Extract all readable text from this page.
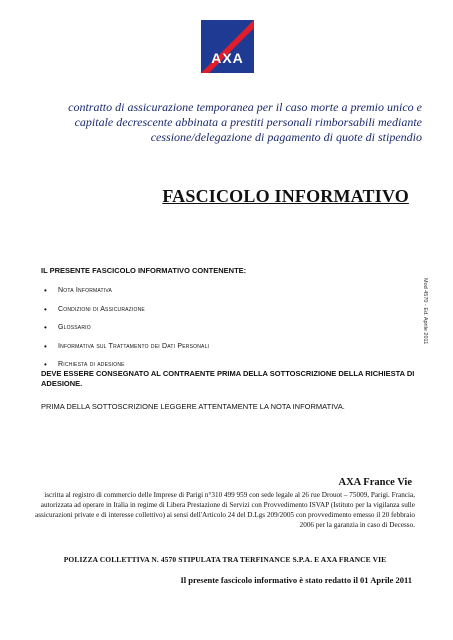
AXA
contratto di assicurazione temporanea per il caso morte a premio unico e capitale decrescente abbinata a prestiti personali rimborsabili mediante cessione/delegazione di pagamento di quote di stipendio
FASCICOLO INFORMATIVO
IL PRESENTE FASCICOLO INFORMATIVO CONTENENTE:
•	Nota Informativa
•	Condizioni di Assicurazione
•	Glossario
•	Informativa sul Trattamento dei Dati Personali
•	Richiesta di adesione
DEVE ESSERE CONSEGNATO AL CONTRAENTE PRIMA DELLA SOTTOSCRIZIONE DELLA RICHIESTA DI ADESIONE.
PRIMA DELLA SOTTOSCRIZIONE LEGGERE ATTENTAMENTE LA NOTA INFORMATIVA.
Mod 4570 - Ed. Aprile 2011
AXA France Vie
iscritta al registro di commercio delle Imprese di Parigi n°310 499 959 con sede legale al 26 rue Drouot – 75009, Parigi. Francia, autorizzata ad operare in Italia in regime di Libera Prestazione di Servizi con Provvedimento ISVAP (Istituto per la vigilanza sulle assicurazioni private e di interesse collettivo) ai sensi dell'Articolo 24 del D.Lgs 209/2005 con provvedimento emesso il 20 febbraio 2006 per la garanzia in caso di Decesso.
POLIZZA COLLETTIVA N. 4570 STIPULATA TRA TERFINANCE S.P.A. E AXA FRANCE VIE
Il presente fascicolo informativo è stato redatto il 01 Aprile 2011
